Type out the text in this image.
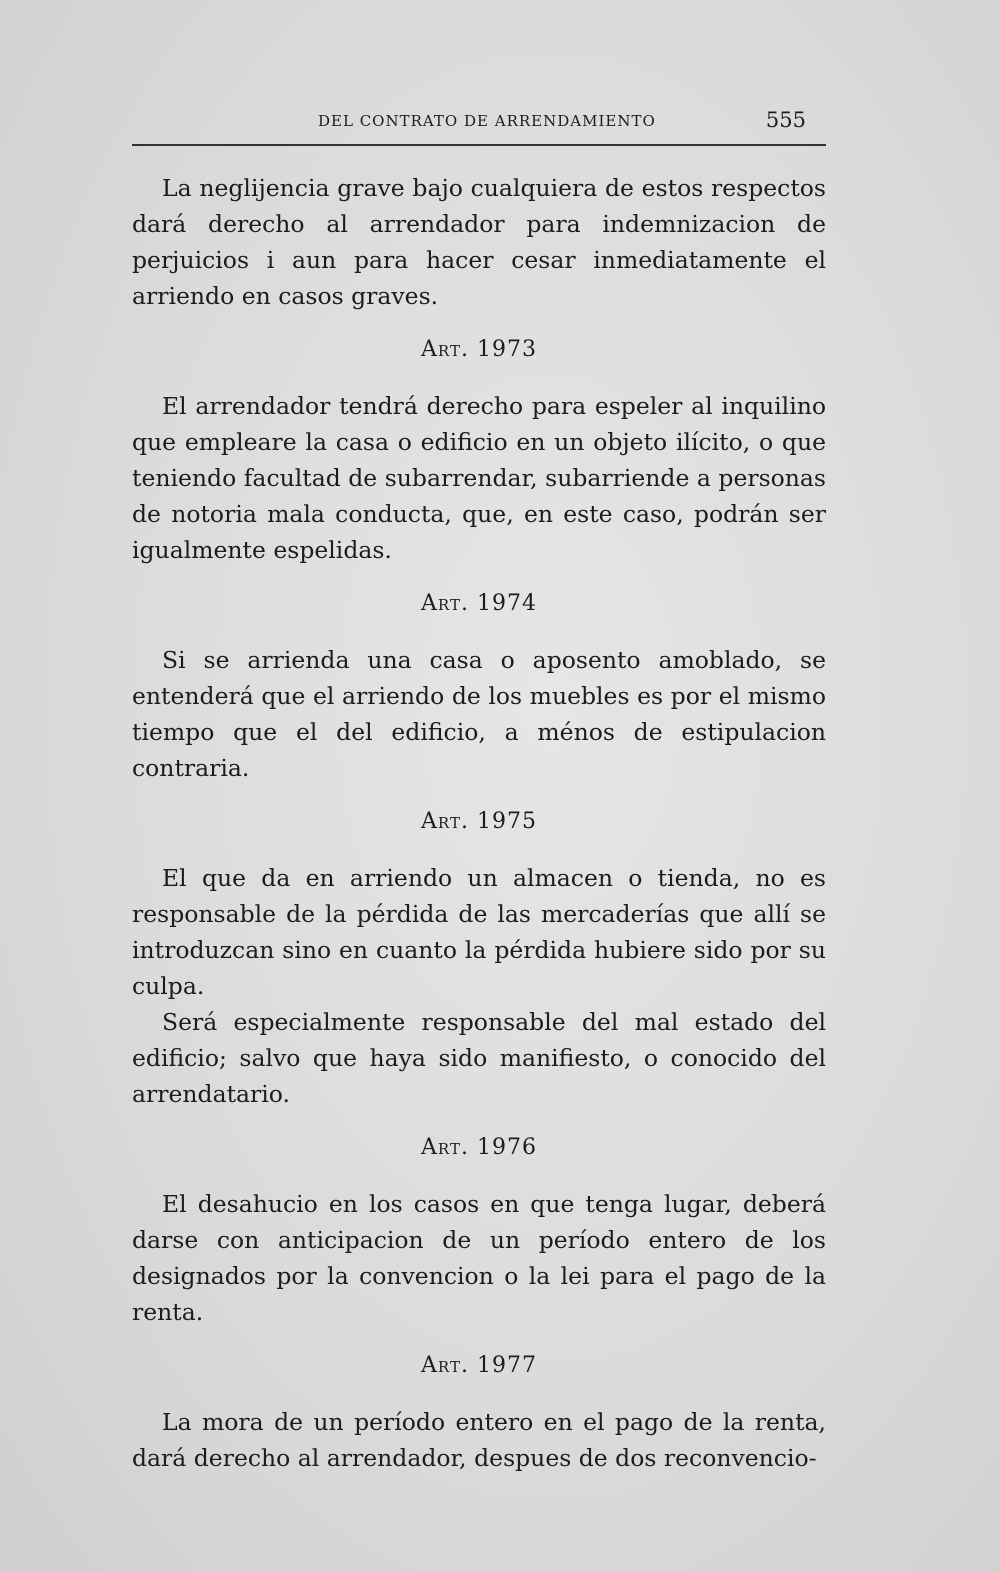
DEL CONTRATO DE ARRENDAMIENTO	555

La neglijencia grave bajo cualquiera de estos respectos dará derecho al arrendador para indemnizacion de perjuicios i aun para hacer cesar inmediatamente el arriendo en casos graves.

Art. 1973

El arrendador tendrá derecho para espeler al inquilino que empleare la casa o edificio en un objeto ilícito, o que teniendo facultad de subarrendar, subarriende a personas de notoria mala conducta, que, en este caso, podrán ser igualmente espelidas.

Art. 1974

Si se arrienda una casa o aposento amoblado, se entenderá que el arriendo de los muebles es por el mismo tiempo que el del edificio, a ménos de estipulacion contraria.

Art. 1975

El que da en arriendo un almacen o tienda, no es responsable de la pérdida de las mercaderías que allí se introduzcan sino en cuanto la pérdida hubiere sido por su culpa.

Será especialmente responsable del mal estado del edificio; salvo que haya sido manifiesto, o conocido del arrendatario.

Art. 1976

El desahucio en los casos en que tenga lugar, deberá darse con anticipacion de un período entero de los designados por la convencion o la lei para el pago de la renta.

Art. 1977

La mora de un período entero en el pago de la renta, dará derecho al arrendador, despues de dos reconvencio-
